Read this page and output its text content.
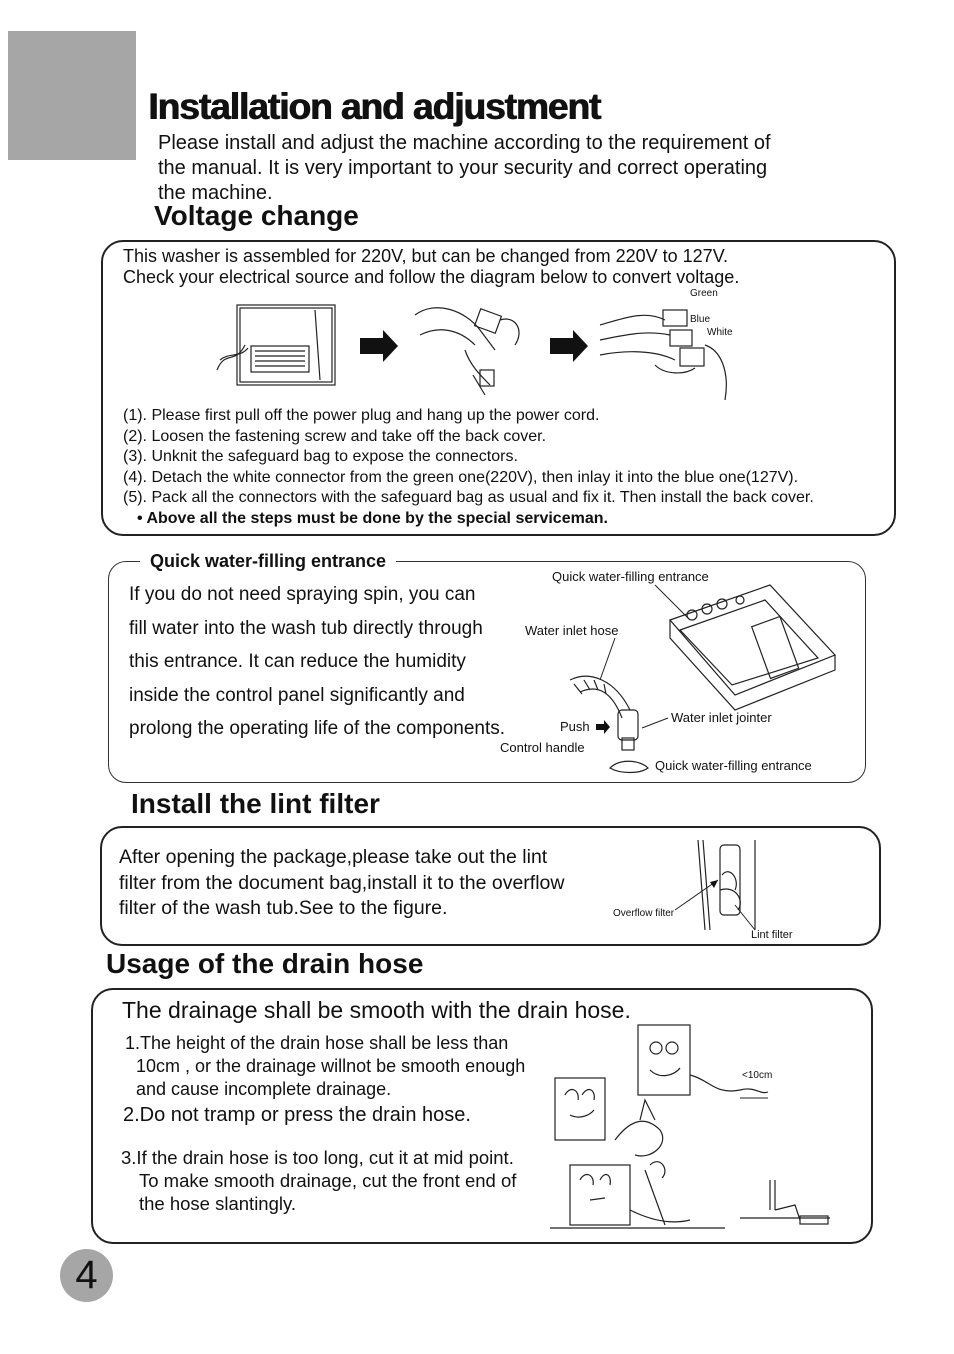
Installation and adjustment
Please install and adjust the machine according to the requirement of
the manual. It is very important to your security and correct operating
the machine.
Voltage change
This washer is assembled for 220V, but can be changed from 220V to 127V.
Check your electrical source and follow the diagram below to convert voltage.
Green
Blue
White
(1). Please first pull off the power plug and hang up the power cord.
(2). Loosen the fastening screw and take off the back cover.
(3). Unknit the safeguard bag to expose the connectors.
(4). Detach the white connector from the green one(220V), then inlay it into the blue one(127V).
(5). Pack all the connectors with the safeguard bag as usual and fix it. Then install the back cover.
• Above all the steps must be done by the special serviceman.
Quick water-filling entrance
If you do not need spraying spin, you can
fill water into the wash tub directly through
this entrance. It can reduce the humidity
inside the control panel significantly and
prolong the operating life of the components.
Quick water-filling entrance
Water inlet hose
Push
Control handle
Water inlet jointer
Quick water-filling entrance
Install the lint filter
After opening the package,please take out the lint
filter from the document bag,install it to the overflow
filter of the wash tub.See to the figure.	Overflow filter
Lint filter
Usage of the drain hose
The drainage shall be smooth with the drain hose.
1.The height of the drain hose shall be less than
10cm , or the drainage willnot be smooth enough
and cause incomplete drainage.
2.Do not tramp or press the drain hose.
3.If the drain hose is too long, cut it at mid point.
To make smooth drainage, cut the front end of
the hose slantingly.
<10cm
4
